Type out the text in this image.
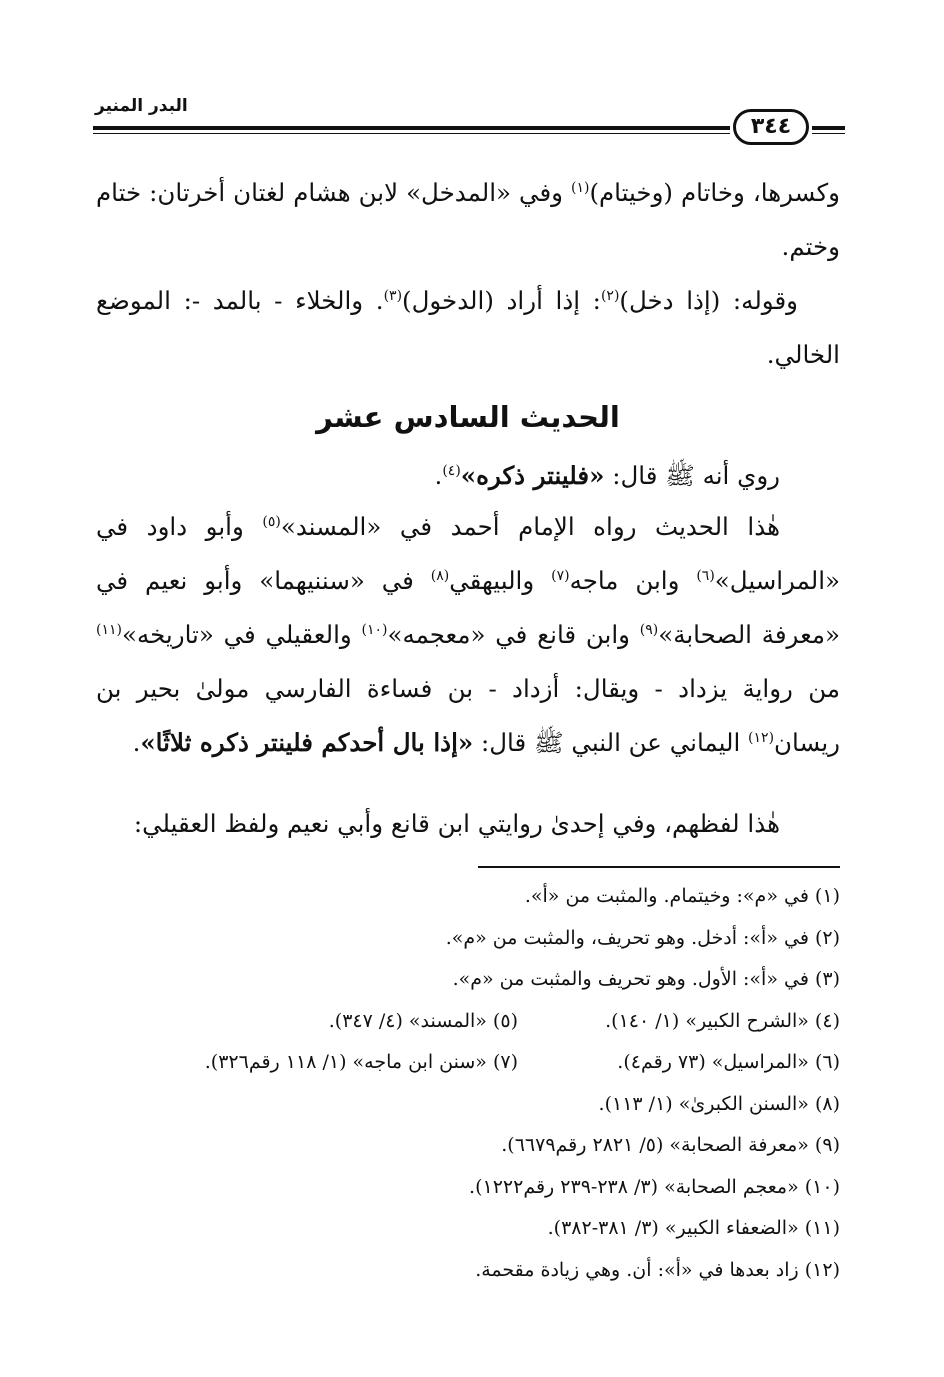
البدر المنير
٣٤٤
وكسرها، وخاتام (وخيتام)$^{(١)}$ وفي «المدخل» لابن هشام لغتان أخرتان: ختام وختم.
وقوله: (إذا دخل)$^{(٢)}$: إذا أراد (الدخول)$^{(٣)}$. والخلاء - بالمد -: الموضع الخالي.
الحديث السادس عشر
روي أنه ﷺ قال: «فلينتر ذكره»$^{(٤)}$.
هٰذا الحديث رواه الإمام أحمد في «المسند»$^{(٥)}$ وأبو داود في «المراسيل»$^{(٦)}$ وابن ماجه$^{(٧)}$ والبيهقي$^{(٨)}$ في «سننيهما» وأبو نعيم في «معرفة الصحابة»$^{(٩)}$ وابن قانع في «معجمه»$^{(١٠)}$ والعقيلي في «تاريخه»$^{(١١)}$ من رواية يزداد - ويقال: أزداد - بن فساءة الفارسي مولىٰ بحير بن ريسان$^{(١٢)}$ اليماني عن النبي ﷺ قال: «إذا بال أحدكم فلينتر ذكره ثلاثًا».
هٰذا لفظهم، وفي إحدىٰ روايتي ابن قانع وأبي نعيم ولفظ العقيلي:
(١) في «م»: وخيتمام. والمثبت من «أ».
(٢) في «أ»: أدخل. وهو تحريف، والمثبت من «م».
(٣) في «أ»: الأول. وهو تحريف والمثبت من «م».
(٤) «الشرح الكبير» (١/ ١٤٠).
(٥) «المسند» (٤/ ٣٤٧).
(٦) «المراسيل» (٧٣ رقم٤).
(٧) «سنن ابن ماجه» (١/ ١١٨ رقم٣٢٦).
(٨) «السنن الكبرىٰ» (١/ ١١٣).
(٩) «معرفة الصحابة» (٥/ ٢٨٢١ رقم٦٦٧٩).
(١٠) «معجم الصحابة» (٣/ ٢٣٨-٢٣٩ رقم١٢٢٢).
(١١) «الضعفاء الكبير» (٣/ ٣٨١-٣٨٢).
(١٢) زاد بعدها في «أ»: أن. وهي زيادة مقحمة.
